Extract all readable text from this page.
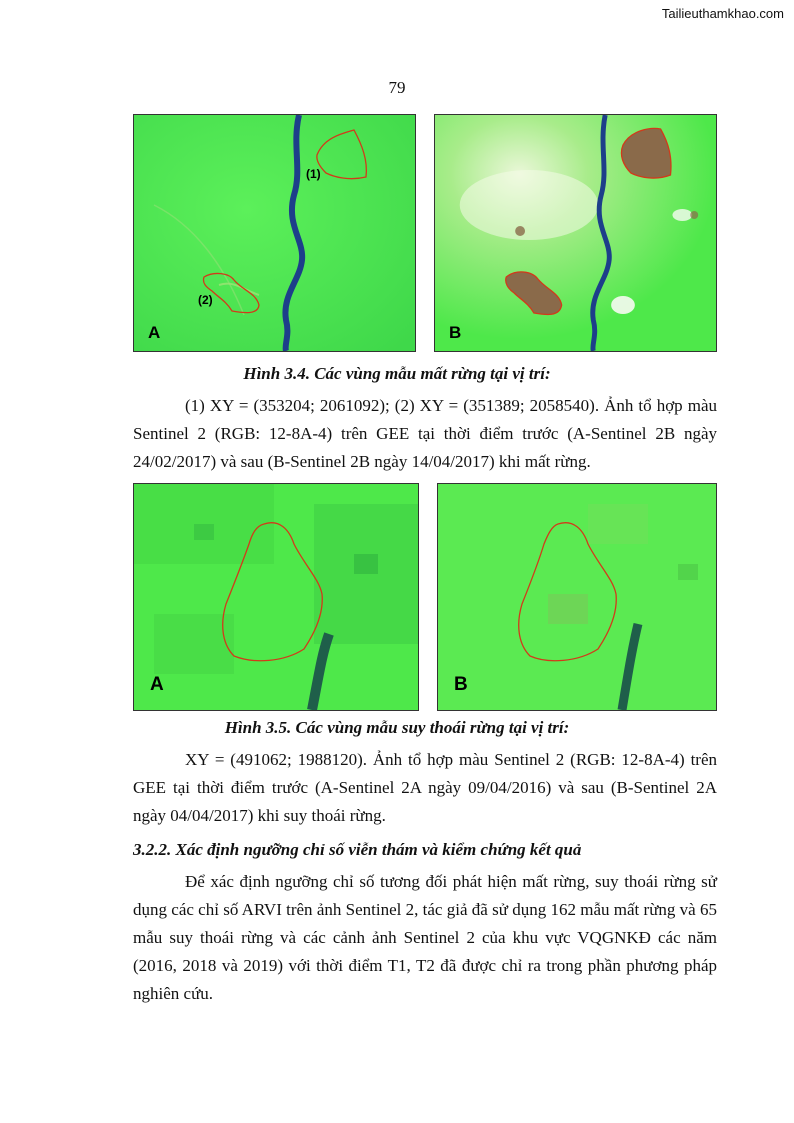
Tailieuthamkhao.com
79
(1)
(2)
A	B
Hình 3.4. Các vùng mẫu mất rừng tại vị trí:

(1) XY = (353204; 2061092); (2) XY = (351389; 2058540). Ảnh tổ hợp màu Sentinel 2 (RGB: 12-8A-4) trên GEE tại thời điểm trước (A-Sentinel 2B ngày 24/02/2017) và sau (B-Sentinel 2B ngày 14/04/2017) khi mất rừng.

A	B
Hình 3.5. Các vùng mẫu suy thoái rừng tại vị trí:

XY = (491062; 1988120). Ảnh tổ hợp màu Sentinel 2 (RGB: 12-8A-4) trên GEE tại thời điểm trước (A-Sentinel 2A ngày 09/04/2016) và sau (B-Sentinel 2A ngày 04/04/2017) khi suy thoái rừng.

3.2.2. Xác định ngưỡng chỉ số viễn thám và kiểm chứng kết quả

Để xác định ngưỡng chỉ số tương đối phát hiện mất rừng, suy thoái rừng sử dụng các chỉ số ARVI trên ảnh Sentinel 2, tác giả đã sử dụng 162 mẫu mất rừng và 65 mẫu suy thoái rừng và các cảnh ảnh Sentinel 2 của khu vực VQGNKĐ các năm (2016, 2018 và 2019) với thời điểm T1, T2 đã được chỉ ra trong phần phương pháp nghiên cứu.
